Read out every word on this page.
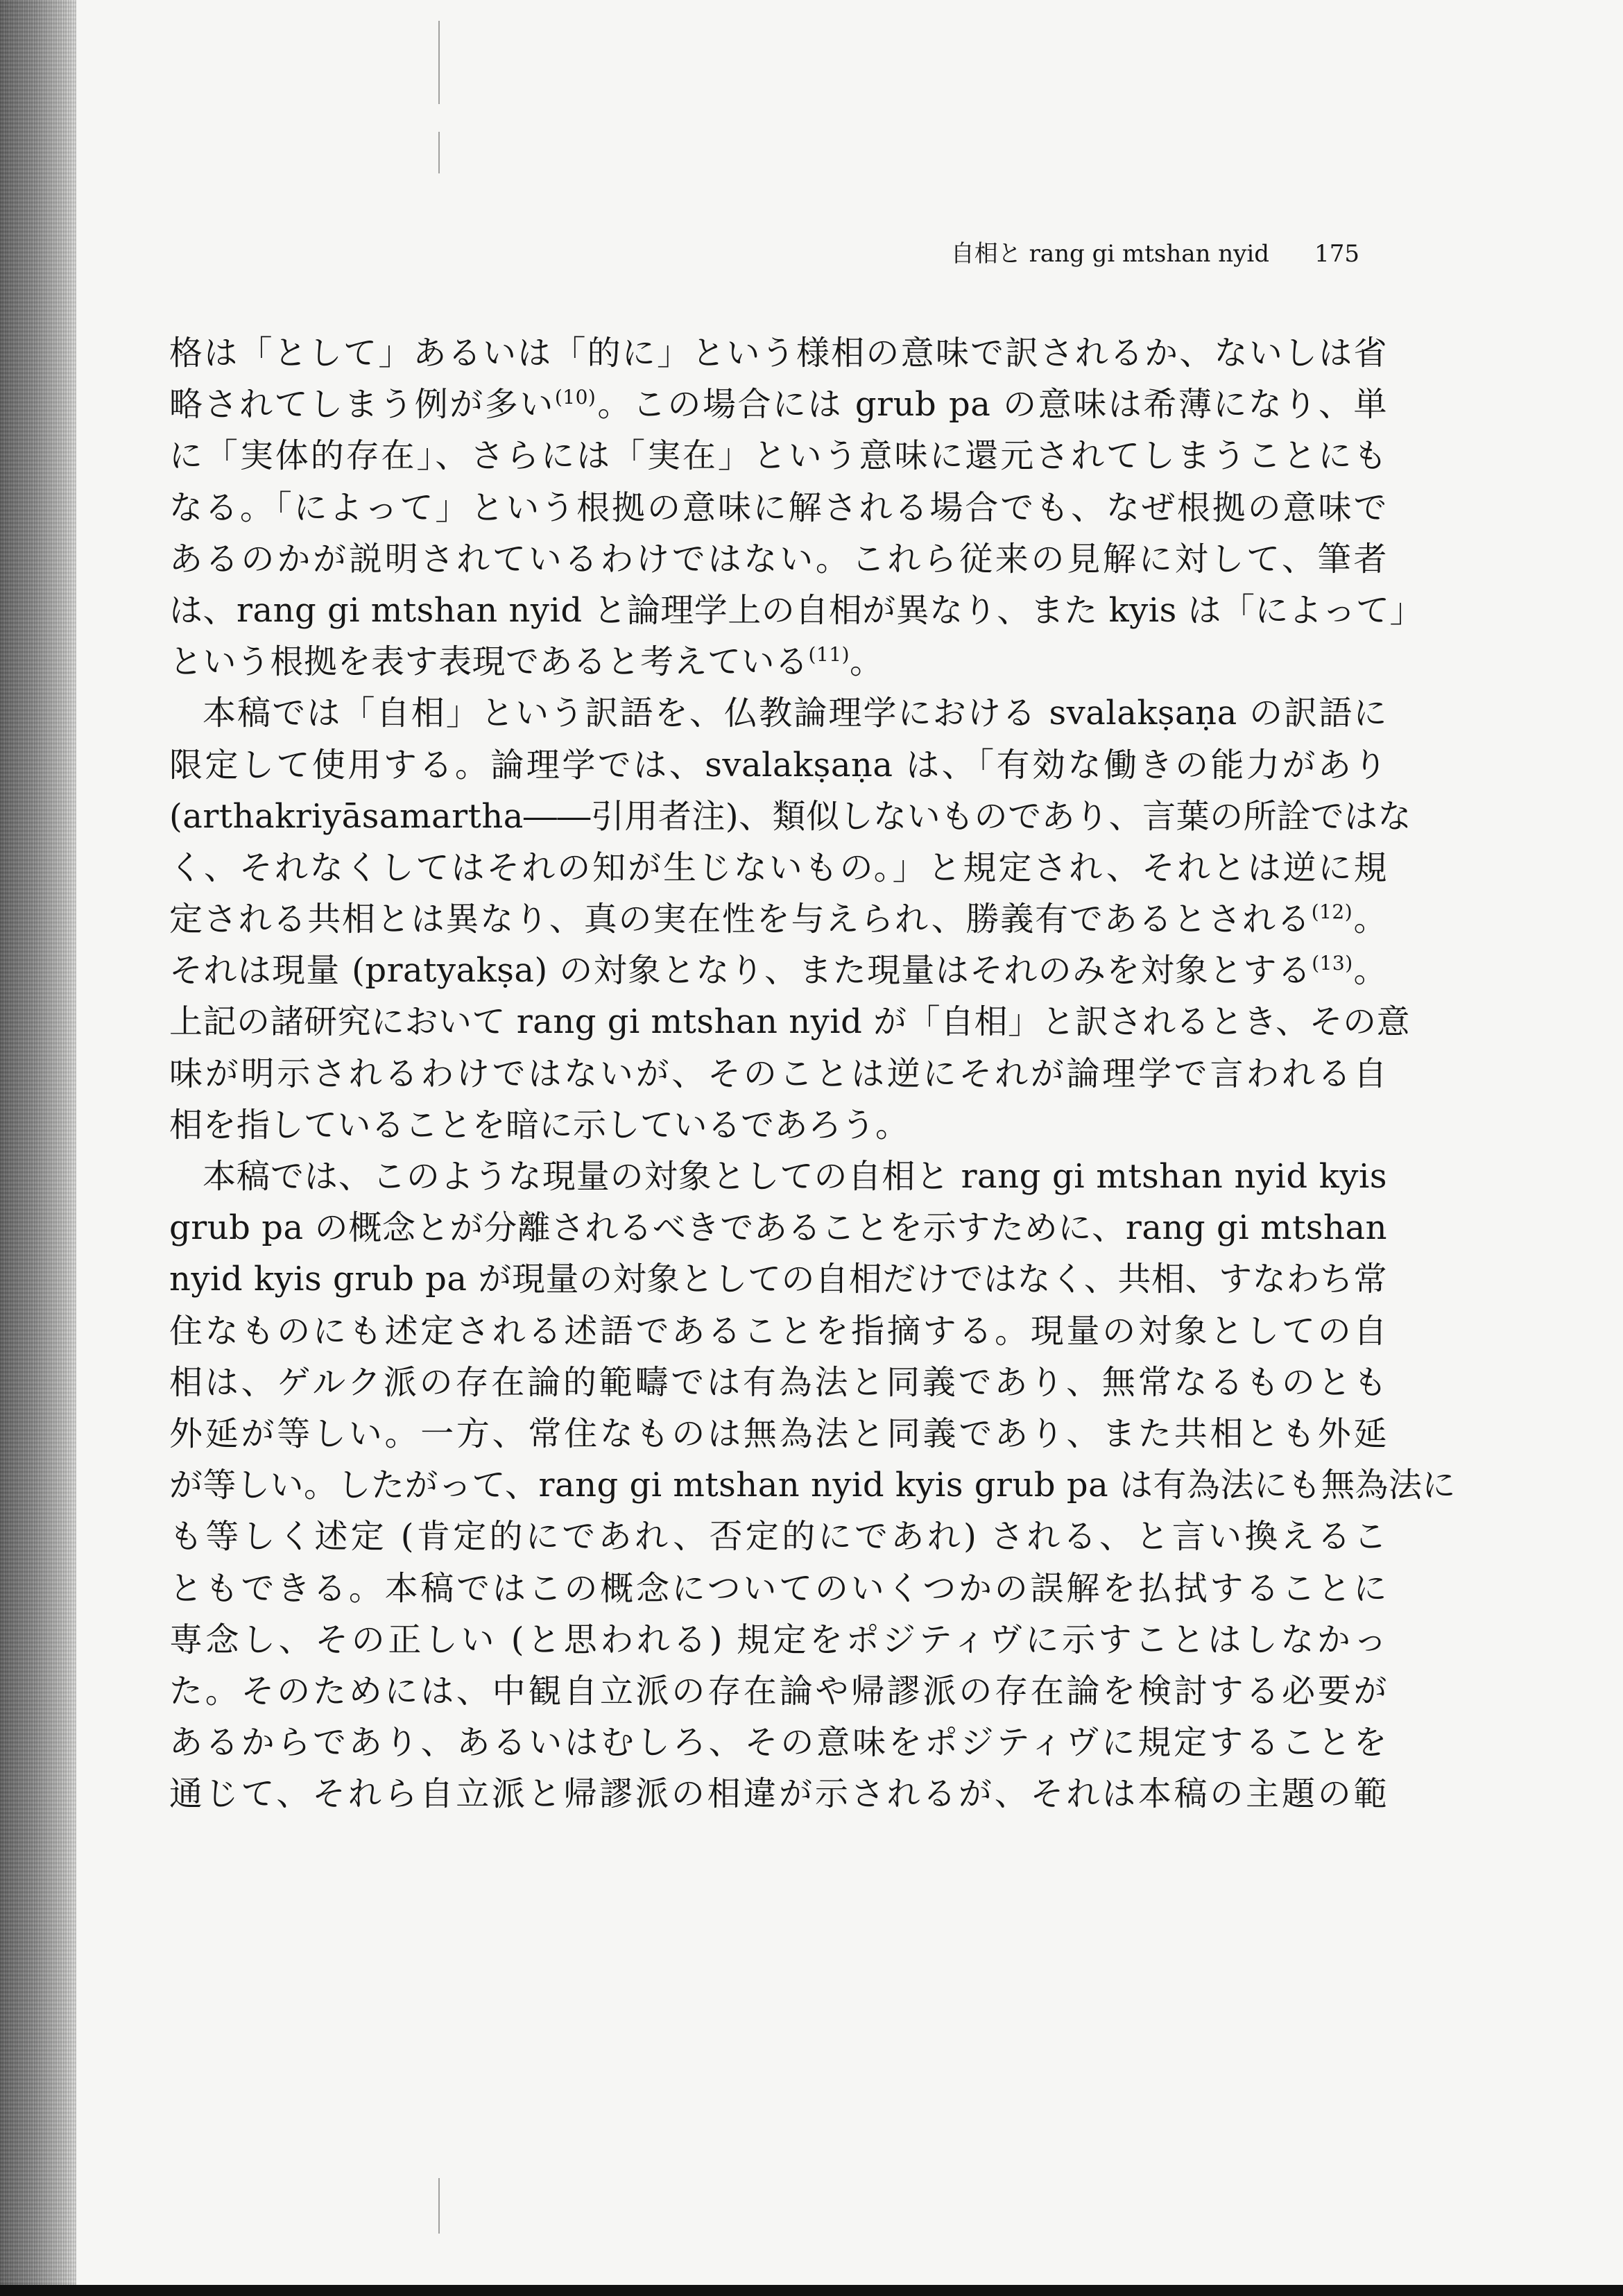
自相と rang gi mtshan nyid 175
格は「として」あるいは「的に」という様相の意味で訳されるか、ないしは省
略されてしまう例が多い$^{(10)}$。この場合には grub pa の意味は希薄になり、単
に「実体的存在」、さらには「実在」という意味に還元されてしまうことにも
なる。「によって」という根拠の意味に解される場合でも、なぜ根拠の意味で
あるのかが説明されているわけではない。これら従来の見解に対して、筆者
は、rang gi mtshan nyid と論理学上の自相が異なり、また kyis は「によって」
という根拠を表す表現であると考えている$^{(11)}$。
本稿では「自相」という訳語を、仏教論理学における svalakṣaṇa の訳語に
限定して使用する。論理学では、svalakṣaṇa は、「有効な働きの能力があり
(arthakriyāsamartha――引用者注)、類似しないものであり、言葉の所詮ではな
く、それなくしてはそれの知が生じないもの。」と規定され、それとは逆に規
定される共相とは異なり、真の実在性を与えられ、勝義有であるとされる$^{(12)}$。
それは現量 (pratyakṣa) の対象となり、また現量はそれのみを対象とする$^{(13)}$。
上記の諸研究において rang gi mtshan nyid が「自相」と訳されるとき、その意
味が明示されるわけではないが、そのことは逆にそれが論理学で言われる自
相を指していることを暗に示しているであろう。
本稿では、このような現量の対象としての自相と rang gi mtshan nyid kyis
grub pa の概念とが分離されるべきであることを示すために、rang gi mtshan
nyid kyis grub pa が現量の対象としての自相だけではなく、共相、すなわち常
住なものにも述定される述語であることを指摘する。現量の対象としての自
相は、ゲルク派の存在論的範疇では有為法と同義であり、無常なるものとも
外延が等しい。一方、常住なものは無為法と同義であり、また共相とも外延
が等しい。したがって、rang gi mtshan nyid kyis grub pa は有為法にも無為法に
も等しく述定 (肯定的にであれ、否定的にであれ) される、と言い換えるこ
ともできる。本稿ではこの概念についてのいくつかの誤解を払拭することに
専念し、その正しい (と思われる) 規定をポジティヴに示すことはしなかっ
た。そのためには、中観自立派の存在論や帰謬派の存在論を検討する必要が
あるからであり、あるいはむしろ、その意味をポジティヴに規定することを
通じて、それら自立派と帰謬派の相違が示されるが、それは本稿の主題の範
